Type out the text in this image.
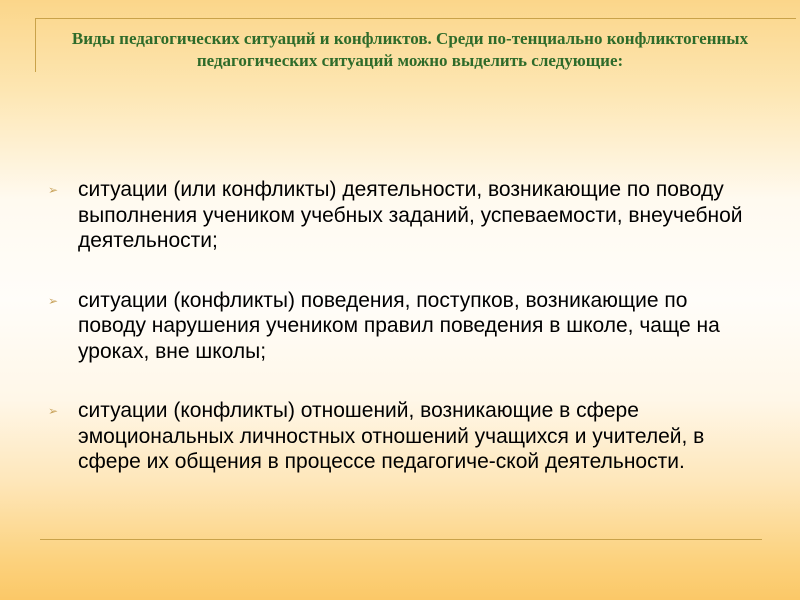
Виды педагогических ситуаций и конфликтов. Среди по-тенциально конфликтогенных педагогических ситуаций можно выделить следующие:
➢ ситуации (или конфликты) деятельности, возникающие по поводу выполнения учеником учебных заданий, успеваемости, внеучебной деятельности;
➢ ситуации (конфликты) поведения, поступков, возникающие по поводу нарушения учеником правил поведения в школе, чаще на уроках, вне школы;
➢ ситуации (конфликты) отношений, возникающие в сфере эмоциональных личностных отношений учащихся и учителей, в сфере их общения в процессе педагогиче-ской деятельности.
